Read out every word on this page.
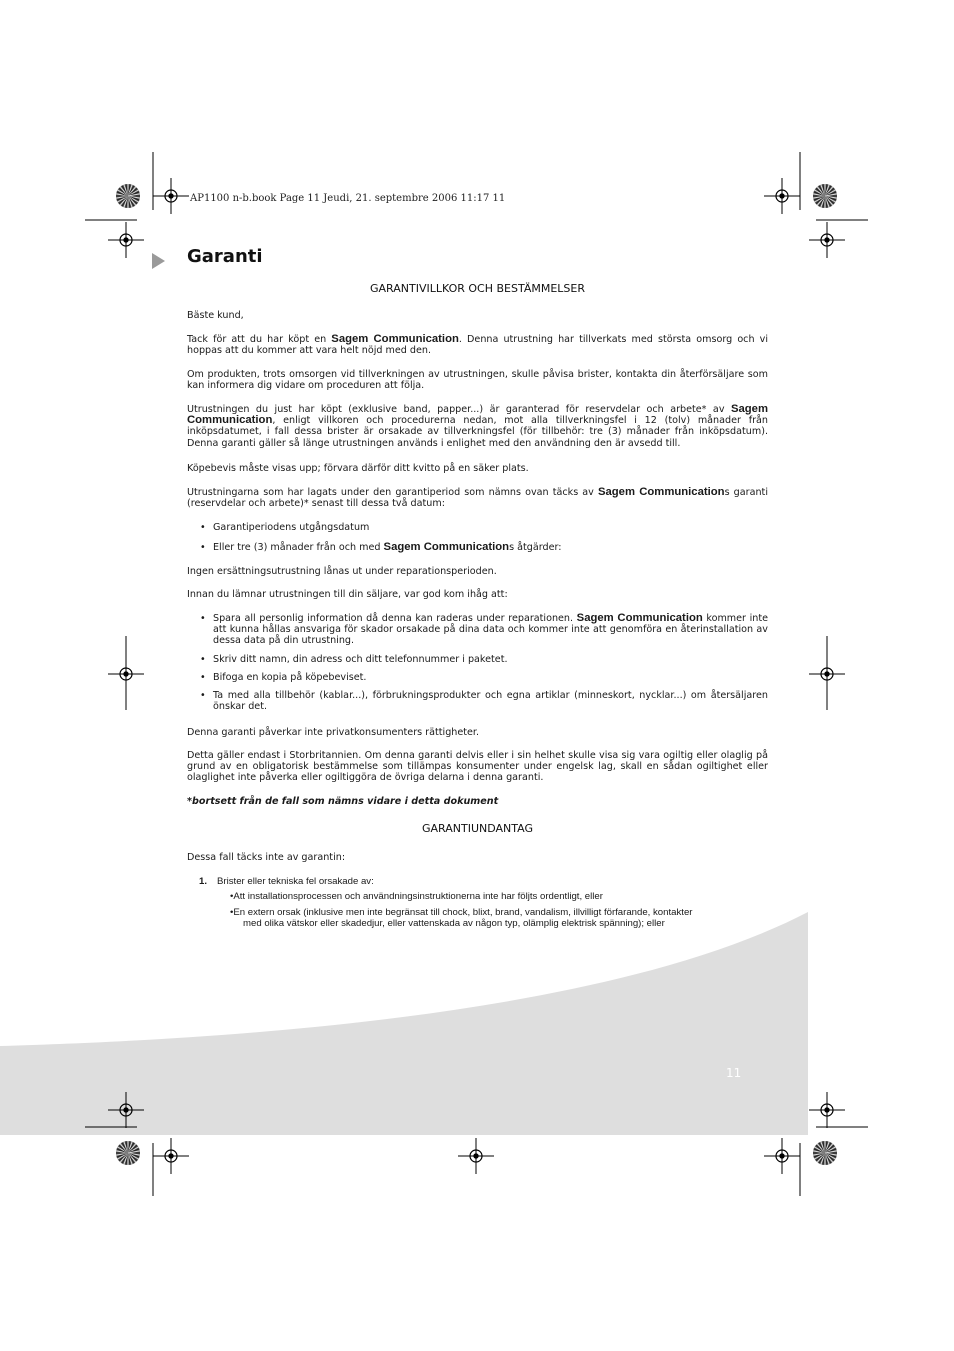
AP1100 n-b.book Page 11 Jeudi, 21. septembre 2006 11:17 11
Garanti
GARANTIVILLKOR OCH BESTÄMMELSER
Bäste kund,
Tack för att du har köpt en Sagem Communication. Denna utrustning har tillverkats med största omsorg och vi hoppas att du kommer att vara helt nöjd med den.
Om produkten, trots omsorgen vid tillverkningen av utrustningen, skulle påvisa brister, kontakta din återförsäljare som kan informera dig vidare om proceduren att följa.
Utrustningen du just har köpt (exklusive band, papper...) är garanterad för reservdelar och arbete* av Sagem Communication, enligt villkoren och procedurerna nedan, mot alla tillverkningsfel i 12 (tolv) månader från inköpsdatumet, i fall dessa brister är orsakade av tillverkningsfel (för tillbehör: tre (3) månader från inköpsdatum). Denna garanti gäller så länge utrustningen används i enlighet med den användning den är avsedd till.
Köpebevis måste visas upp; förvara därför ditt kvitto på en säker plats.
Utrustningarna som har lagats under den garantiperiod som nämns ovan täcks av Sagem Communications garanti (reservdelar och arbete)* senast till dessa två datum:
• Garantiperiodens utgångsdatum
• Eller tre (3) månader från och med Sagem Communications åtgärder:
Ingen ersättningsutrustning lånas ut under reparationsperioden.
Innan du lämnar utrustningen till din säljare, var god kom ihåg att:
• Spara all personlig information då denna kan raderas under reparationen. Sagem Communication kommer inte att kunna hållas ansvariga för skador orsakade på dina data och kommer inte att genomföra en återinstallation av dessa data på din utrustning.
• Skriv ditt namn, din adress och ditt telefonnummer i paketet.
• Bifoga en kopia på köpebeviset.
• Ta med alla tillbehör (kablar...), förbrukningsprodukter och egna artiklar (minneskort, nycklar...) om återsäljaren önskar det.
Denna garanti påverkar inte privatkonsumenters rättigheter.
Detta gäller endast i Storbritannien. Om denna garanti delvis eller i sin helhet skulle visa sig vara ogiltig eller olaglig på grund av en obligatorisk bestämmelse som tillämpas konsumenter under engelsk lag, skall en sådan ogiltighet eller olaglighet inte påverka eller ogiltiggöra de övriga delarna i denna garanti.
*bortsett från de fall som nämns vidare i detta dokument
GARANTIUNDANTAG
Dessa fall täcks inte av garantin:
1. Brister eller tekniska fel orsakade av:
•Att installationsprocessen och användningsinstruktionerna inte har följts ordentligt, eller
•En extern orsak (inklusive men inte begränsat till chock, blixt, brand, vandalism, illvilligt förfarande, kontakter
med olika vätskor eller skadedjur, eller vattenskada av någon typ, olämplig elektrisk spänning); eller
11
